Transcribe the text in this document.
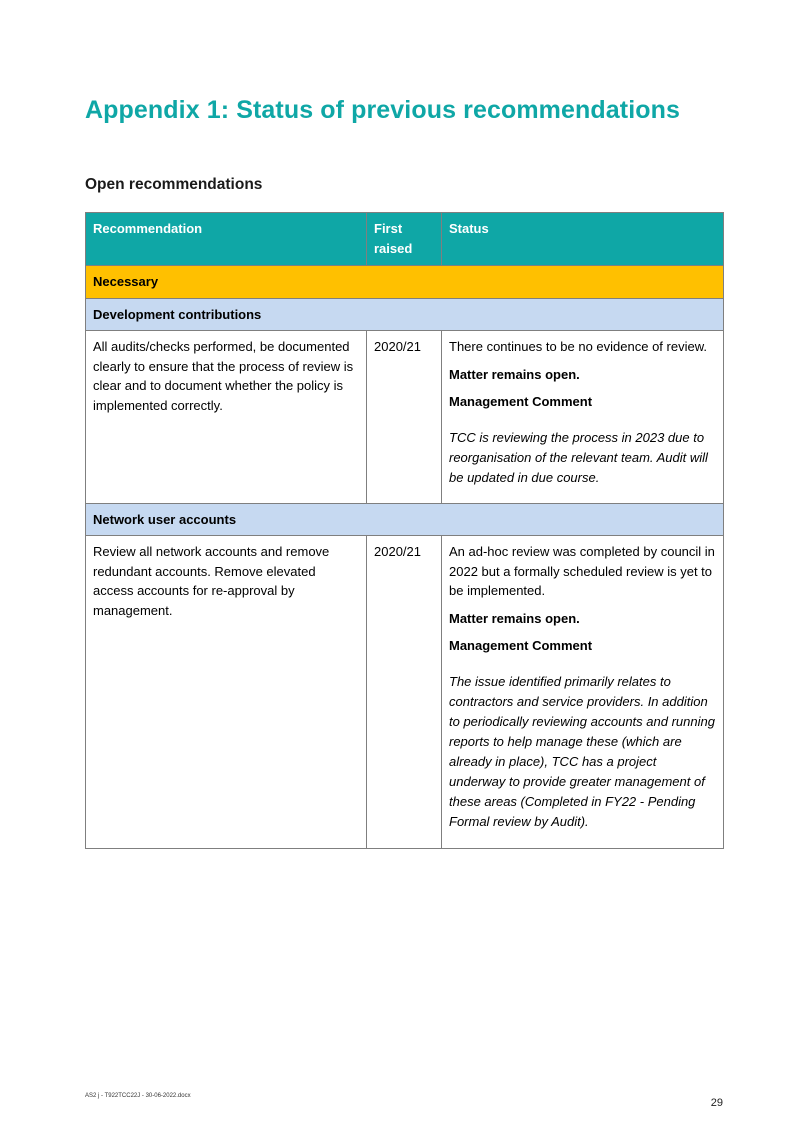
Appendix 1: Status of previous recommendations
Open recommendations
Recommendation	First raised	Status
Necessary		
Development contributions		
All audits/checks performed, be documented clearly to ensure that the process of review is clear and to document whether the policy is implemented correctly.	2020/21	There continues to be no evidence of review.

Matter remains open.

Management Comment

TCC is reviewing the process in 2023 due to reorganisation of the relevant team. Audit will be updated in due course.

Network user accounts		
Review all network accounts and remove redundant accounts. Remove elevated access accounts for re-approval by management.	2020/21	An ad-hoc review was completed by council in 2022 but a formally scheduled review is yet to be implemented.

Matter remains open.

Management Comment

The issue identified primarily relates to contractors and service providers. In addition to periodically reviewing accounts and running reports to help manage these (which are already in place), TCC has a project underway to provide greater management of these areas (Completed in FY22 - Pending Formal review by Audit).

AS2 j - T922TCC22J - 30-06-2022.docx
29
